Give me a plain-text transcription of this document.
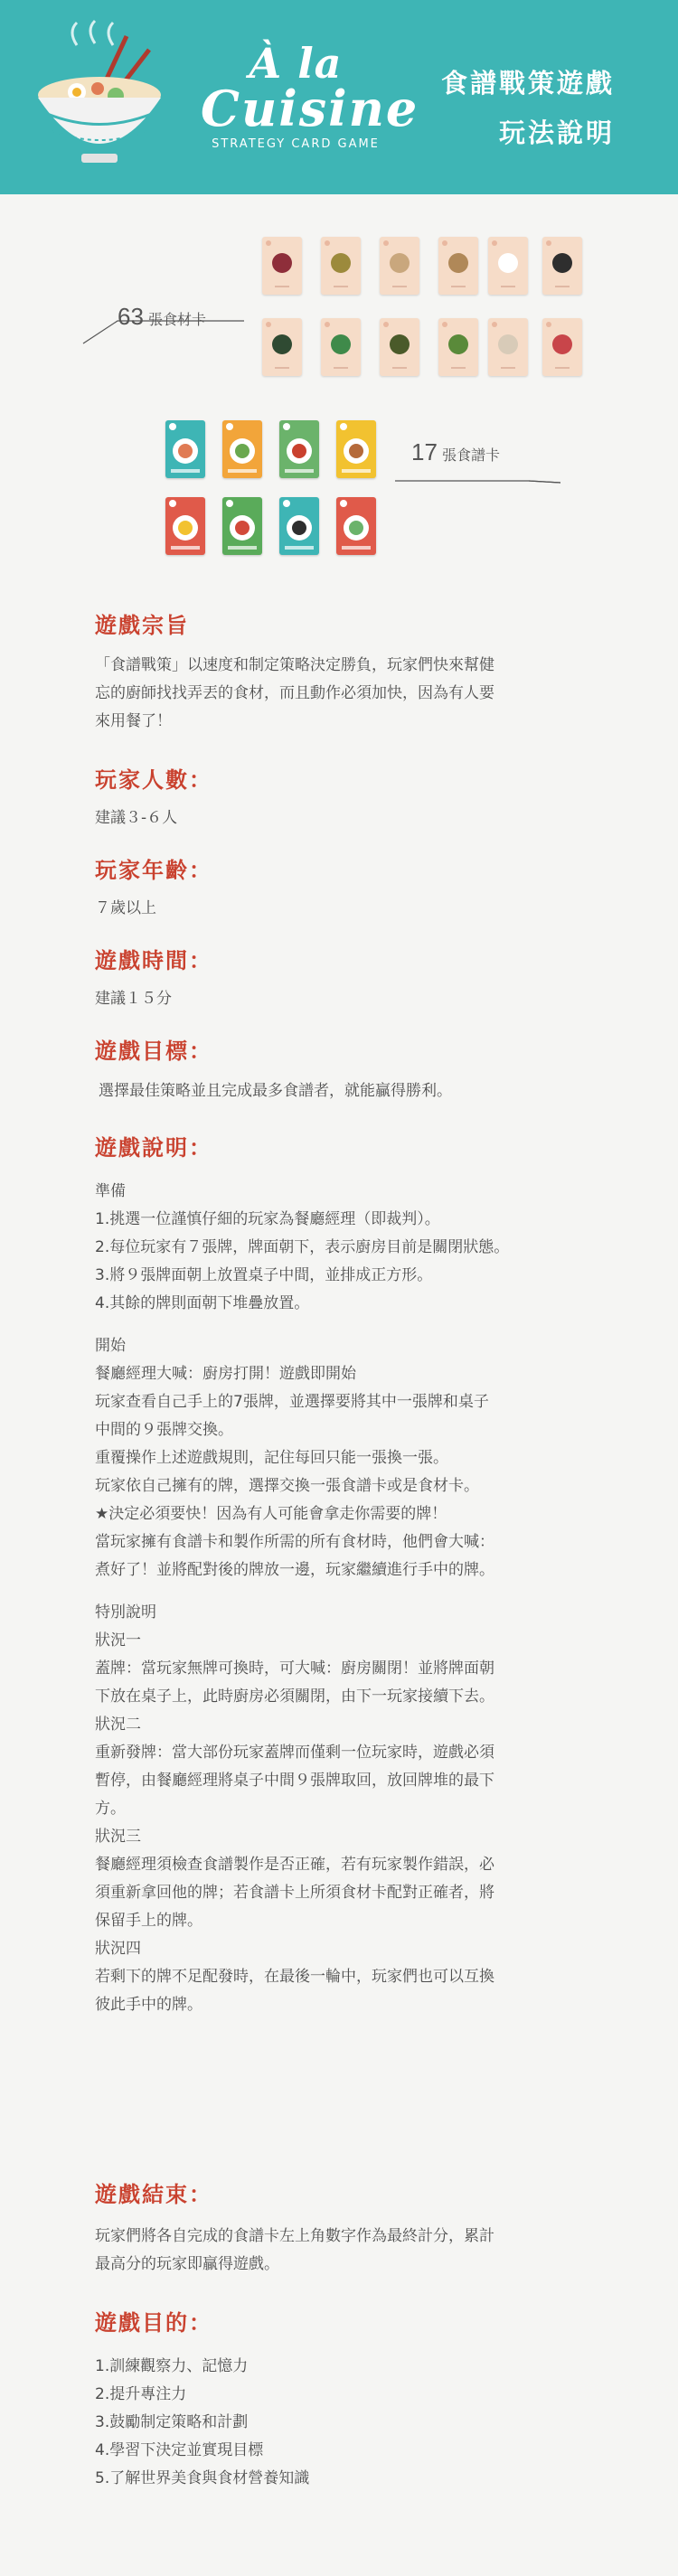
À la
Cuisine
STRATEGY CARD GAME
食譜戰策遊戲
玩法說明
63 張食材卡
17 張食譜卡
遊戲宗旨

「食譜戰策」以速度和制定策略決定勝負，玩家們快來幫健

忘的廚師找找弄丟的食材，而且動作必須加快，因為有人要

來用餐了！

玩家人數：

建議３-６人

玩家年齡：

７歲以上

遊戲時間：

建議１５分

遊戲目標：

選擇最佳策略並且完成最多食譜者，就能贏得勝利。

遊戲說明：

準備

1.挑選一位謹慎仔細的玩家為餐廳經理（即裁判）。

2.每位玩家有７張牌，牌面朝下，表示廚房目前是關閉狀態。

3.將９張牌面朝上放置桌子中間，並排成正方形。

4.其餘的牌則面朝下堆疊放置。

開始

餐廳經理大喊：廚房打開！遊戲即開始

玩家查看自己手上的7張牌，並選擇要將其中一張牌和桌子

中間的９張牌交換。

重覆操作上述遊戲規則，記住每回只能一張換一張。

玩家依自己擁有的牌，選擇交換一張食譜卡或是食材卡。

★決定必須要快！因為有人可能會拿走你需要的牌！

當玩家擁有食譜卡和製作所需的所有食材時，他們會大喊：

煮好了！並將配對後的牌放一邊，玩家繼續進行手中的牌。

特別說明

狀況一

蓋牌：當玩家無牌可換時，可大喊：廚房關閉！並將牌面朝

下放在桌子上，此時廚房必須關閉，由下一玩家接續下去。

狀況二

重新發牌：當大部份玩家蓋牌而僅剩一位玩家時，遊戲必須

暫停，由餐廳經理將桌子中間９張牌取回，放回牌堆的最下

方。

狀況三

餐廳經理須檢查食譜製作是否正確，若有玩家製作錯誤，必

須重新拿回他的牌；若食譜卡上所須食材卡配對正確者，將

保留手上的牌。

狀況四

若剩下的牌不足配發時，在最後一輪中，玩家們也可以互換

彼此手中的牌。

遊戲結束：

玩家們將各自完成的食譜卡左上角數字作為最終計分，累計

最高分的玩家即贏得遊戲。

遊戲目的：

1.訓練觀察力、記憶力

2.提升專注力

3.鼓勵制定策略和計劃

4.學習下決定並實現目標

5.了解世界美食與食材營養知識
